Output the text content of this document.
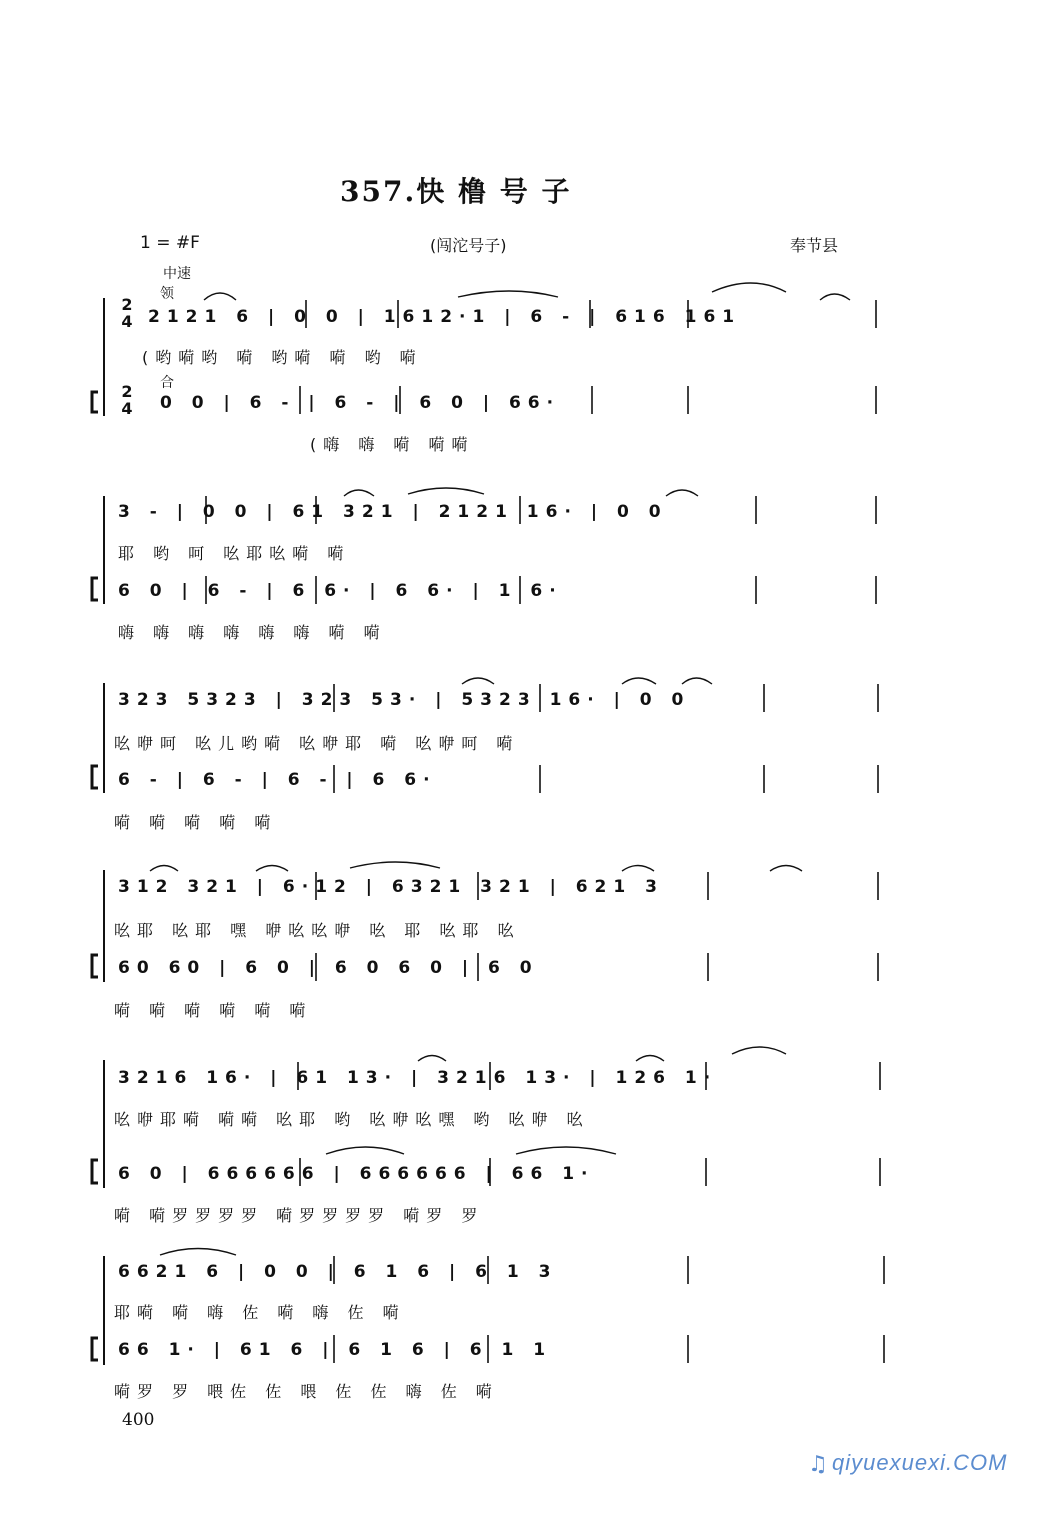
357.快 橹 号 子
1 = #F	(闯沱号子)	奉节县
中速
领
合
2
4
2
4
2121 6 | 0 0 | 1612·1 | 6 - | 616 161
(哟嗬哟 嗬 哟嗬 嗬 哟 嗬
0 0 | 6 - | 6 - | 6 0 | 66·
(嗨 嗨 嗬 嗬嗬
3 - | 0 0 | 61 321 | 2121 16· | 0 0
耶 哟 呵 吆耶吆嗬 嗬
6 0 | 6 - | 6 6· | 6 6· | 1 6·
嗨 嗨 嗨 嗨 嗨 嗨 嗬 嗬
323 5323 | 323 53· | 5323 16· | 0 0
吆咿呵 吆儿哟嗬 吆咿耶 嗬 吆咿呵 嗬
6 - | 6 - | 6 - | 6 6·
嗬 嗬 嗬 嗬 嗬
312 321 | 6·12 | 6321 321 | 621 3
吆耶 吆耶 嘿 咿吆吆咿 吆 耶 吆耶 吆
60 60 | 6 0 | 6 0 6 0 | 6 0
嗬 嗬 嗬 嗬 嗬 嗬
3216 16· | 61 13· | 3216 13· | 126 1·
吆咿耶嗬 嗬嗬 吆耶 哟 吆咿吆嘿 哟 吆咿 吆
6 0 | 666666 | 666666 | 66 1·
嗬 嗬罗罗罗罗 嗬罗罗罗罗 嗬罗 罗
6621 6 | 0 0 | 6 1 6 | 6 1 3
耶嗬 嗬 嗨 佐 嗬 嗨 佐 嗬
66 1· | 61 6 | 6 1 6 | 6 1 1
嗬罗 罗 喂佐 佐 喂 佐 佐 嗨 佐 嗬
400
♫ qiyuexuexi.COM
